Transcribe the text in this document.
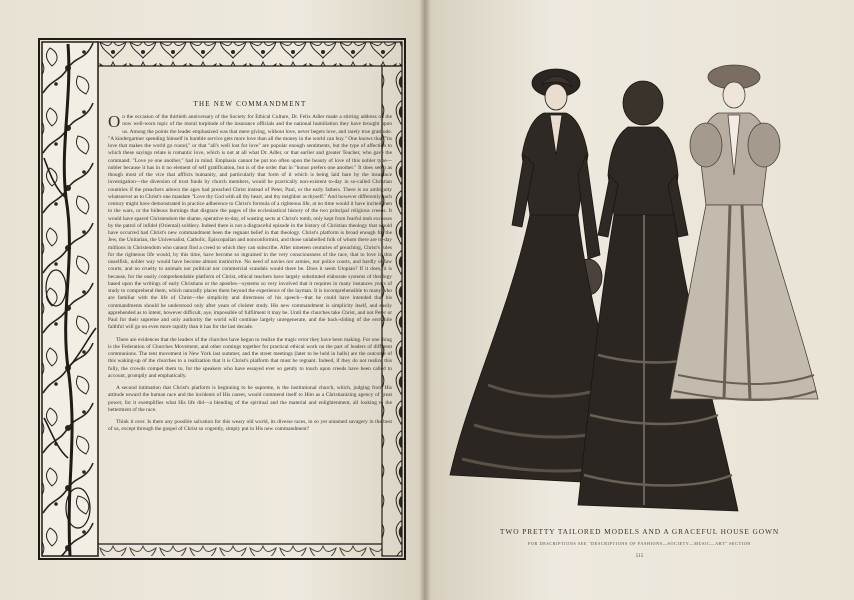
THE NEW COMMANDMENT

On the occasion of the thirtieth anniversary of the Society for Ethical Culture, Dr. Felix Adler made a stirring address on the now well-worn topic of the moral turpitude of the insurance officials and the national humiliation they have brought upon us. Among the points the leader emphasized was that mere giving, without love, never begets love, and rarely true gratitude. "A kindergartner spending himself in humble service gets more love than all the money in the world can buy." One knows that "'tis love that makes the world go round," or that "all's well lost for love" are popular enough sentiments, but the type of affection to which these sayings relate is romantic love, which is not at all what Dr. Adler, or that earlier and greater Teacher, who gave the command: "Love ye one another," had in mind. Emphasis cannot be put too often upon the beauty of love of this nobler type—nobler because it has in it no element of self gratification, but is of the order that in "honor prefers one another." It does seem as though most of the vice that afflicts humanity, and particularly that form of it which is being laid bare by the insurance investigation—the diversion of trust funds by church members, would be practically non-existent to-day in so-called Christian countries if the preachers adown the ages had preached Christ instead of Peter, Paul, or the early fathers. There is no ambiguity whatsoever as to Christ's one mandate "Love thy God with all thy heart, and thy neighbor as thyself." And however differently each century might have demonstrated in practice adherence to Christ's formula of a righteous life, at no time would it have incited men to the wars, or the hideous burnings that disgrace the pages of the ecclesiastical history of the two principal religious creeds. It would have spared Christendom the shame, operative to-day, of wasting sects at Christ's tomb, only kept from fearful mob excesses by the patrol of infidel (Oriental) soldiery. Indeed there is not a disgraceful episode in the history of Christian theology that would have occurred had Christ's new commandment been the regnant belief in that theology. Christ's platform is broad enough for the Jew, the Unitarian, the Universalist, Catholic, Episcopalian and nonconformist, and those unlabelled folk of whom there are to-day millions in Christendom who cannot find a creed to which they can subscribe. After nineteen centuries of preaching, Christ's rules for the righteous life would, by this time, have become so ingrained in the very consciousness of the race, that to love in this unselfish, nobler way would have become almost instinctive. No need of navies nor armies, nor police courts, and hardly of law courts; and no cruelty to animals nor political nor commercial scandals would there be. Does it seem Utopian? If it does, it is because, for the easily comprehendable platform of Christ, ethical teachers have largely substituted elaborate systems of theology based upon the writings of early Christians or the apostles—systems so very involved that it requires in many instances years of study to comprehend them, which naturally places them beyond the experience of the layman. It is incomprehensible to many who are familiar with the life of Christ—the simplicity and directness of his speech—that he could have intended that his commandments should be understood only after years of cloister study. His new commandment is simplicity itself, and easily apprehended as to intent, however difficult, aye, impossible of fulfilment it may be. Until the churches take Christ, and not Peter or Paul for their supreme and only authority the world will continue largely unregenerate, and the back-sliding of the erstwhile faithful will go on even more rapidly than it has for the last decade.

There are evidences that the leaders of the churches have begun to realize the tragic error they have been making. For one thing is the Federation of Churches Movement, and other comings together for practical ethical work on the part of leaders of different communions. The tent movement in New York last summer, and the street meetings (later to be held in halls) are the outcome of this waking-up of the churches to a realization that it is Christ's platform that must be regnant. Indeed, if they do not realize this fully, the crowds compel them to, for the speakers who have essayed ever so gently to touch upon creeds have been called to account, promptly and emphatically.

A second intimation that Christ's platform is beginning to be supreme, is the institutional church, which, judging from His attitude toward the human race and the incidents of His career, would commend itself to Him as a Christianizing agency of great power, for it exemplifies what His life did—a blending of the spiritual and the material and enlightenment, all looking to the betterment of the race.

Think it over. Is there any possible salvation for this weary old world, its diverse races, in so yet untamed savagery in the best of us, except through the gospel of Christ so cogently, simply put in His new commandment?

TWO PRETTY TAILORED MODELS AND A GRACEFUL HOUSE GOWN
FOR DESCRIPTIONS SEE "DESCRIPTIONS OF FASHIONS—SOCIETY—MUSIC—ART" SECTION
515
